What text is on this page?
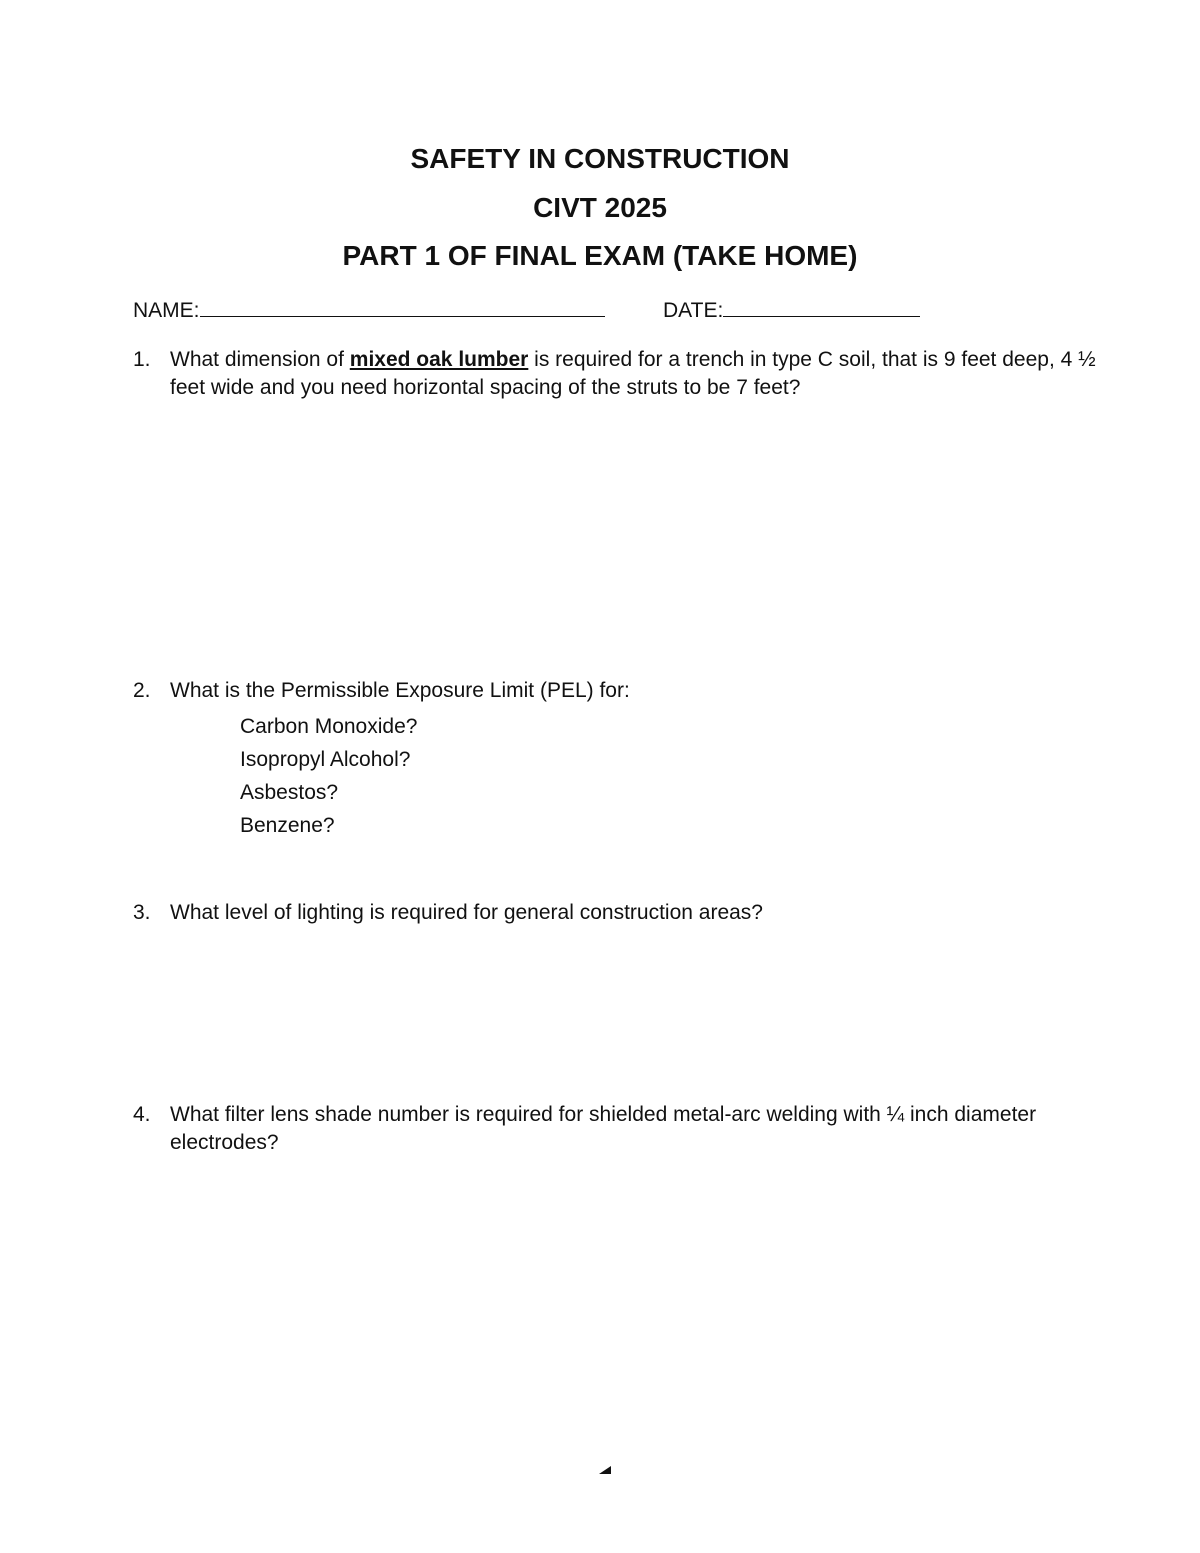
SAFETY IN CONSTRUCTION
CIVT 2025
PART 1 OF FINAL EXAM (TAKE HOME)
NAME:	DATE:
1. What dimension of mixed oak lumber is required for a trench in type C soil, that is 9 feet deep, 4 ½ feet wide and you need horizontal spacing of the struts to be 7 feet?
2. What is the Permissible Exposure Limit (PEL) for:
Carbon Monoxide?
Isopropyl Alcohol?
Asbestos?
Benzene?
3. What level of lighting is required for general construction areas?
4. What filter lens shade number is required for shielded metal-arc welding with ¼ inch diameter electrodes?
